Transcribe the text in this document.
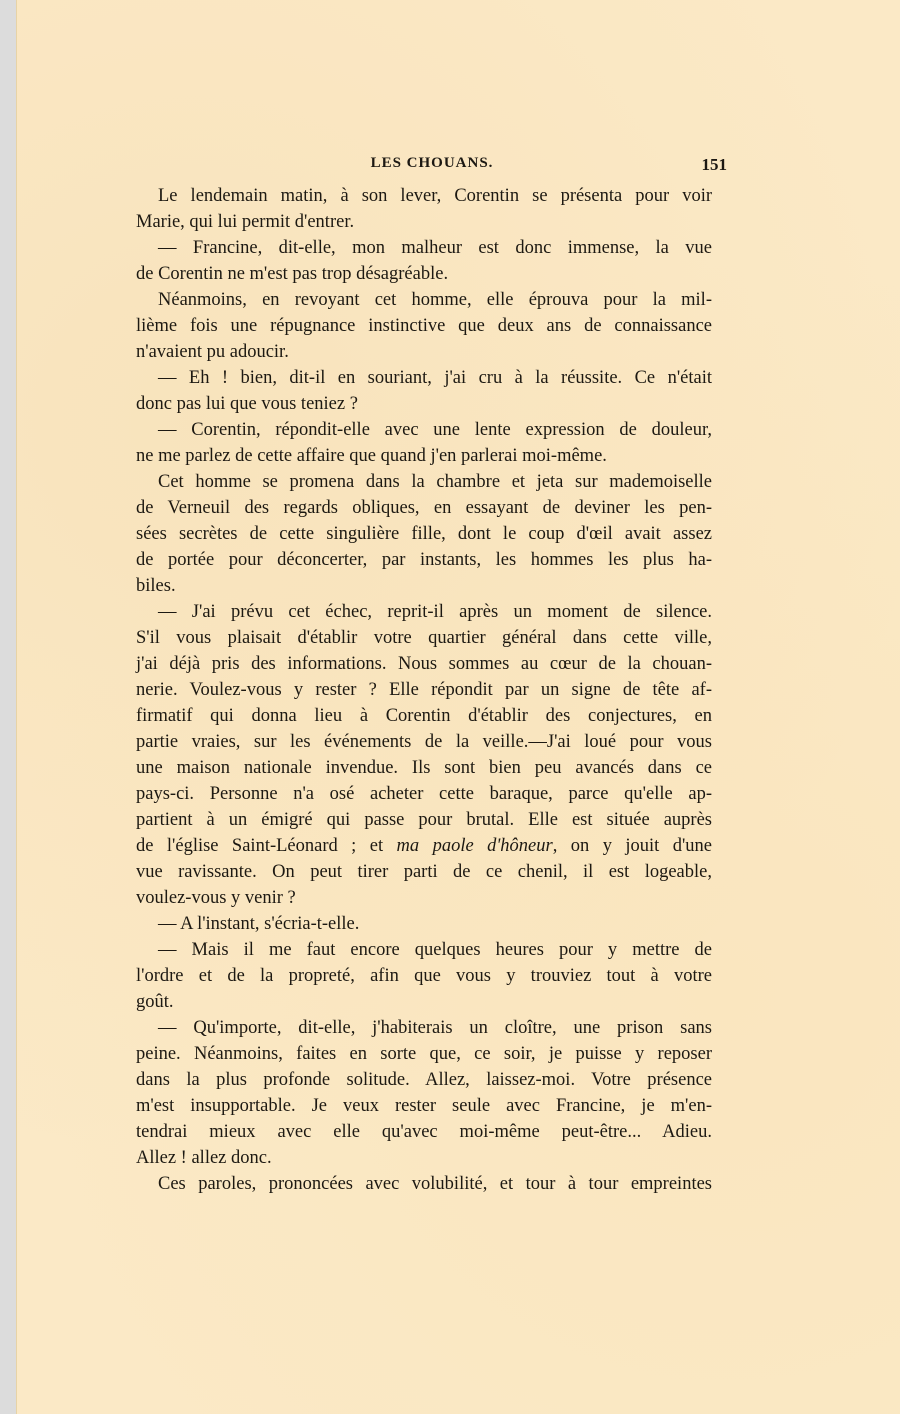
LES CHOUANS.	151
Le lendemain matin, à son lever, Corentin se présenta pour voir
Marie, qui lui permit d'entrer.
— Francine, dit-elle, mon malheur est donc immense, la vue
de Corentin ne m'est pas trop désagréable.
Néanmoins, en revoyant cet homme, elle éprouva pour la mil-
lième fois une répugnance instinctive que deux ans de connaissance
n'avaient pu adoucir.
— Eh ! bien, dit-il en souriant, j'ai cru à la réussite. Ce n'était
donc pas lui que vous teniez ?
— Corentin, répondit-elle avec une lente expression de douleur,
ne me parlez de cette affaire que quand j'en parlerai moi-même.
Cet homme se promena dans la chambre et jeta sur mademoiselle
de Verneuil des regards obliques, en essayant de deviner les pen-
sées secrètes de cette singulière fille, dont le coup d'œil avait assez
de portée pour déconcerter, par instants, les hommes les plus ha-
biles.
— J'ai prévu cet échec, reprit-il après un moment de silence.
S'il vous plaisait d'établir votre quartier général dans cette ville,
j'ai déjà pris des informations. Nous sommes au cœur de la chouan-
nerie. Voulez-vous y rester ? Elle répondit par un signe de tête af-
firmatif qui donna lieu à Corentin d'établir des conjectures, en
partie vraies, sur les événements de la veille.—J'ai loué pour vous
une maison nationale invendue. Ils sont bien peu avancés dans ce
pays-ci. Personne n'a osé acheter cette baraque, parce qu'elle ap-
partient à un émigré qui passe pour brutal. Elle est située auprès
de l'église Saint-Léonard ; et ma paole d'hôneur, on y jouit d'une
vue ravissante. On peut tirer parti de ce chenil, il est logeable,
voulez-vous y venir ?
— A l'instant, s'écria-t-elle.
— Mais il me faut encore quelques heures pour y mettre de
l'ordre et de la propreté, afin que vous y trouviez tout à votre
goût.
— Qu'importe, dit-elle, j'habiterais un cloître, une prison sans
peine. Néanmoins, faites en sorte que, ce soir, je puisse y reposer
dans la plus profonde solitude. Allez, laissez-moi. Votre présence
m'est insupportable. Je veux rester seule avec Francine, je m'en-
tendrai mieux avec elle qu'avec moi-même peut-être... Adieu.
Allez ! allez donc.
Ces paroles, prononcées avec volubilité, et tour à tour empreintes
